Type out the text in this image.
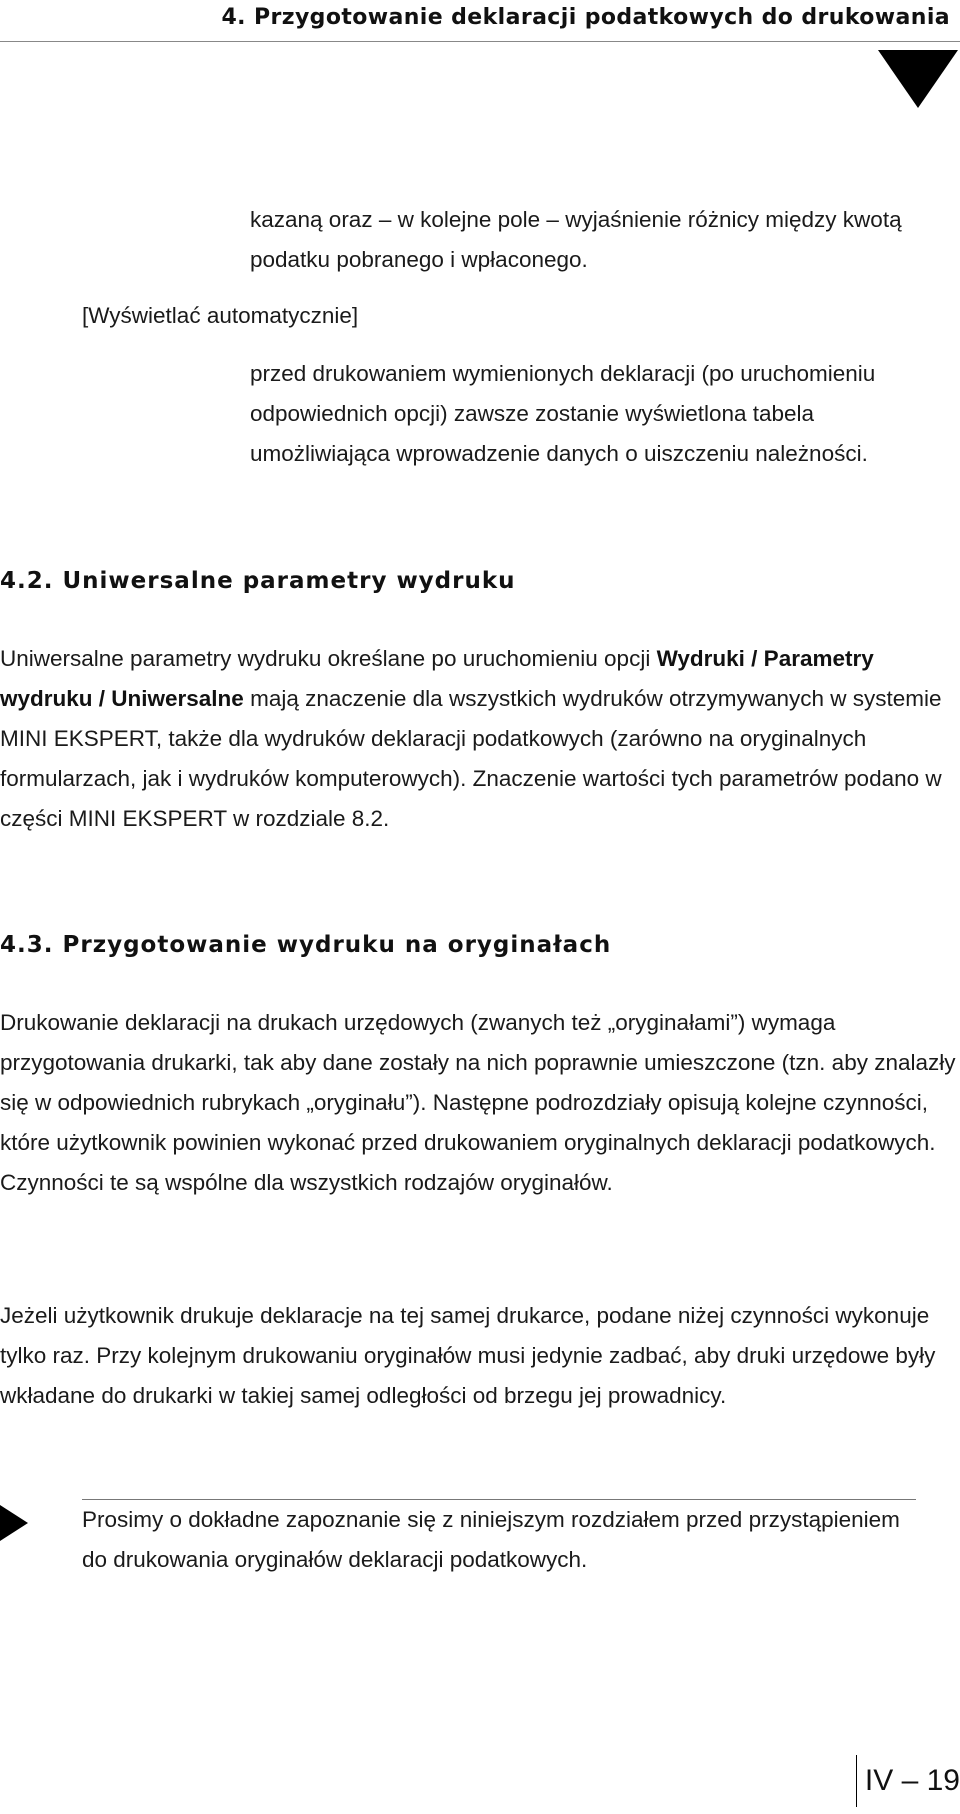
4. Przygotowanie deklaracji podatkowych do drukowania

kazaną oraz – w kolejne pole – wyjaśnienie różnicy między kwotą podatku pobranego i wpłaconego.

[Wyświetlać automatycznie]

przed drukowaniem wymienionych deklaracji (po uruchomieniu odpowiednich opcji) zawsze zostanie wyświetlona tabela umożliwiająca wprowadzenie danych o uiszczeniu należności.

4.2. Uniwersalne parametry wydruku

Uniwersalne parametry wydruku określane po uruchomieniu opcji Wydruki / Parametry wydruku / Uniwersalne mają znaczenie dla wszystkich wydruków otrzymywanych w systemie MINI EKSPERT, także dla wydruków deklaracji podatkowych (zarówno na oryginalnych formularzach, jak i wydruków komputerowych). Znaczenie wartości tych parametrów podano w części MINI EKSPERT w rozdziale 8.2.

4.3. Przygotowanie wydruku na oryginałach

Drukowanie deklaracji na drukach urzędowych (zwanych też „oryginałami”) wymaga przygotowania drukarki, tak aby dane zostały na nich poprawnie umieszczone (tzn. aby znalazły się w odpowiednich rubrykach „oryginału”). Następne podrozdziały opisują kolejne czynności, które użytkownik powinien wykonać przed drukowaniem oryginalnych deklaracji podatkowych. Czynności te są wspólne dla wszystkich rodzajów oryginałów.

Jeżeli użytkownik drukuje deklaracje na tej samej drukarce, podane niżej czynności wykonuje tylko raz. Przy kolejnym drukowaniu oryginałów musi jedynie zadbać, aby druki urzędowe były wkładane do drukarki w takiej samej odległości od brzegu jej prowadnicy.

Prosimy o dokładne zapoznanie się z niniejszym rozdziałem przed przystąpieniem do drukowania oryginałów deklaracji podatkowych.

IV – 19
